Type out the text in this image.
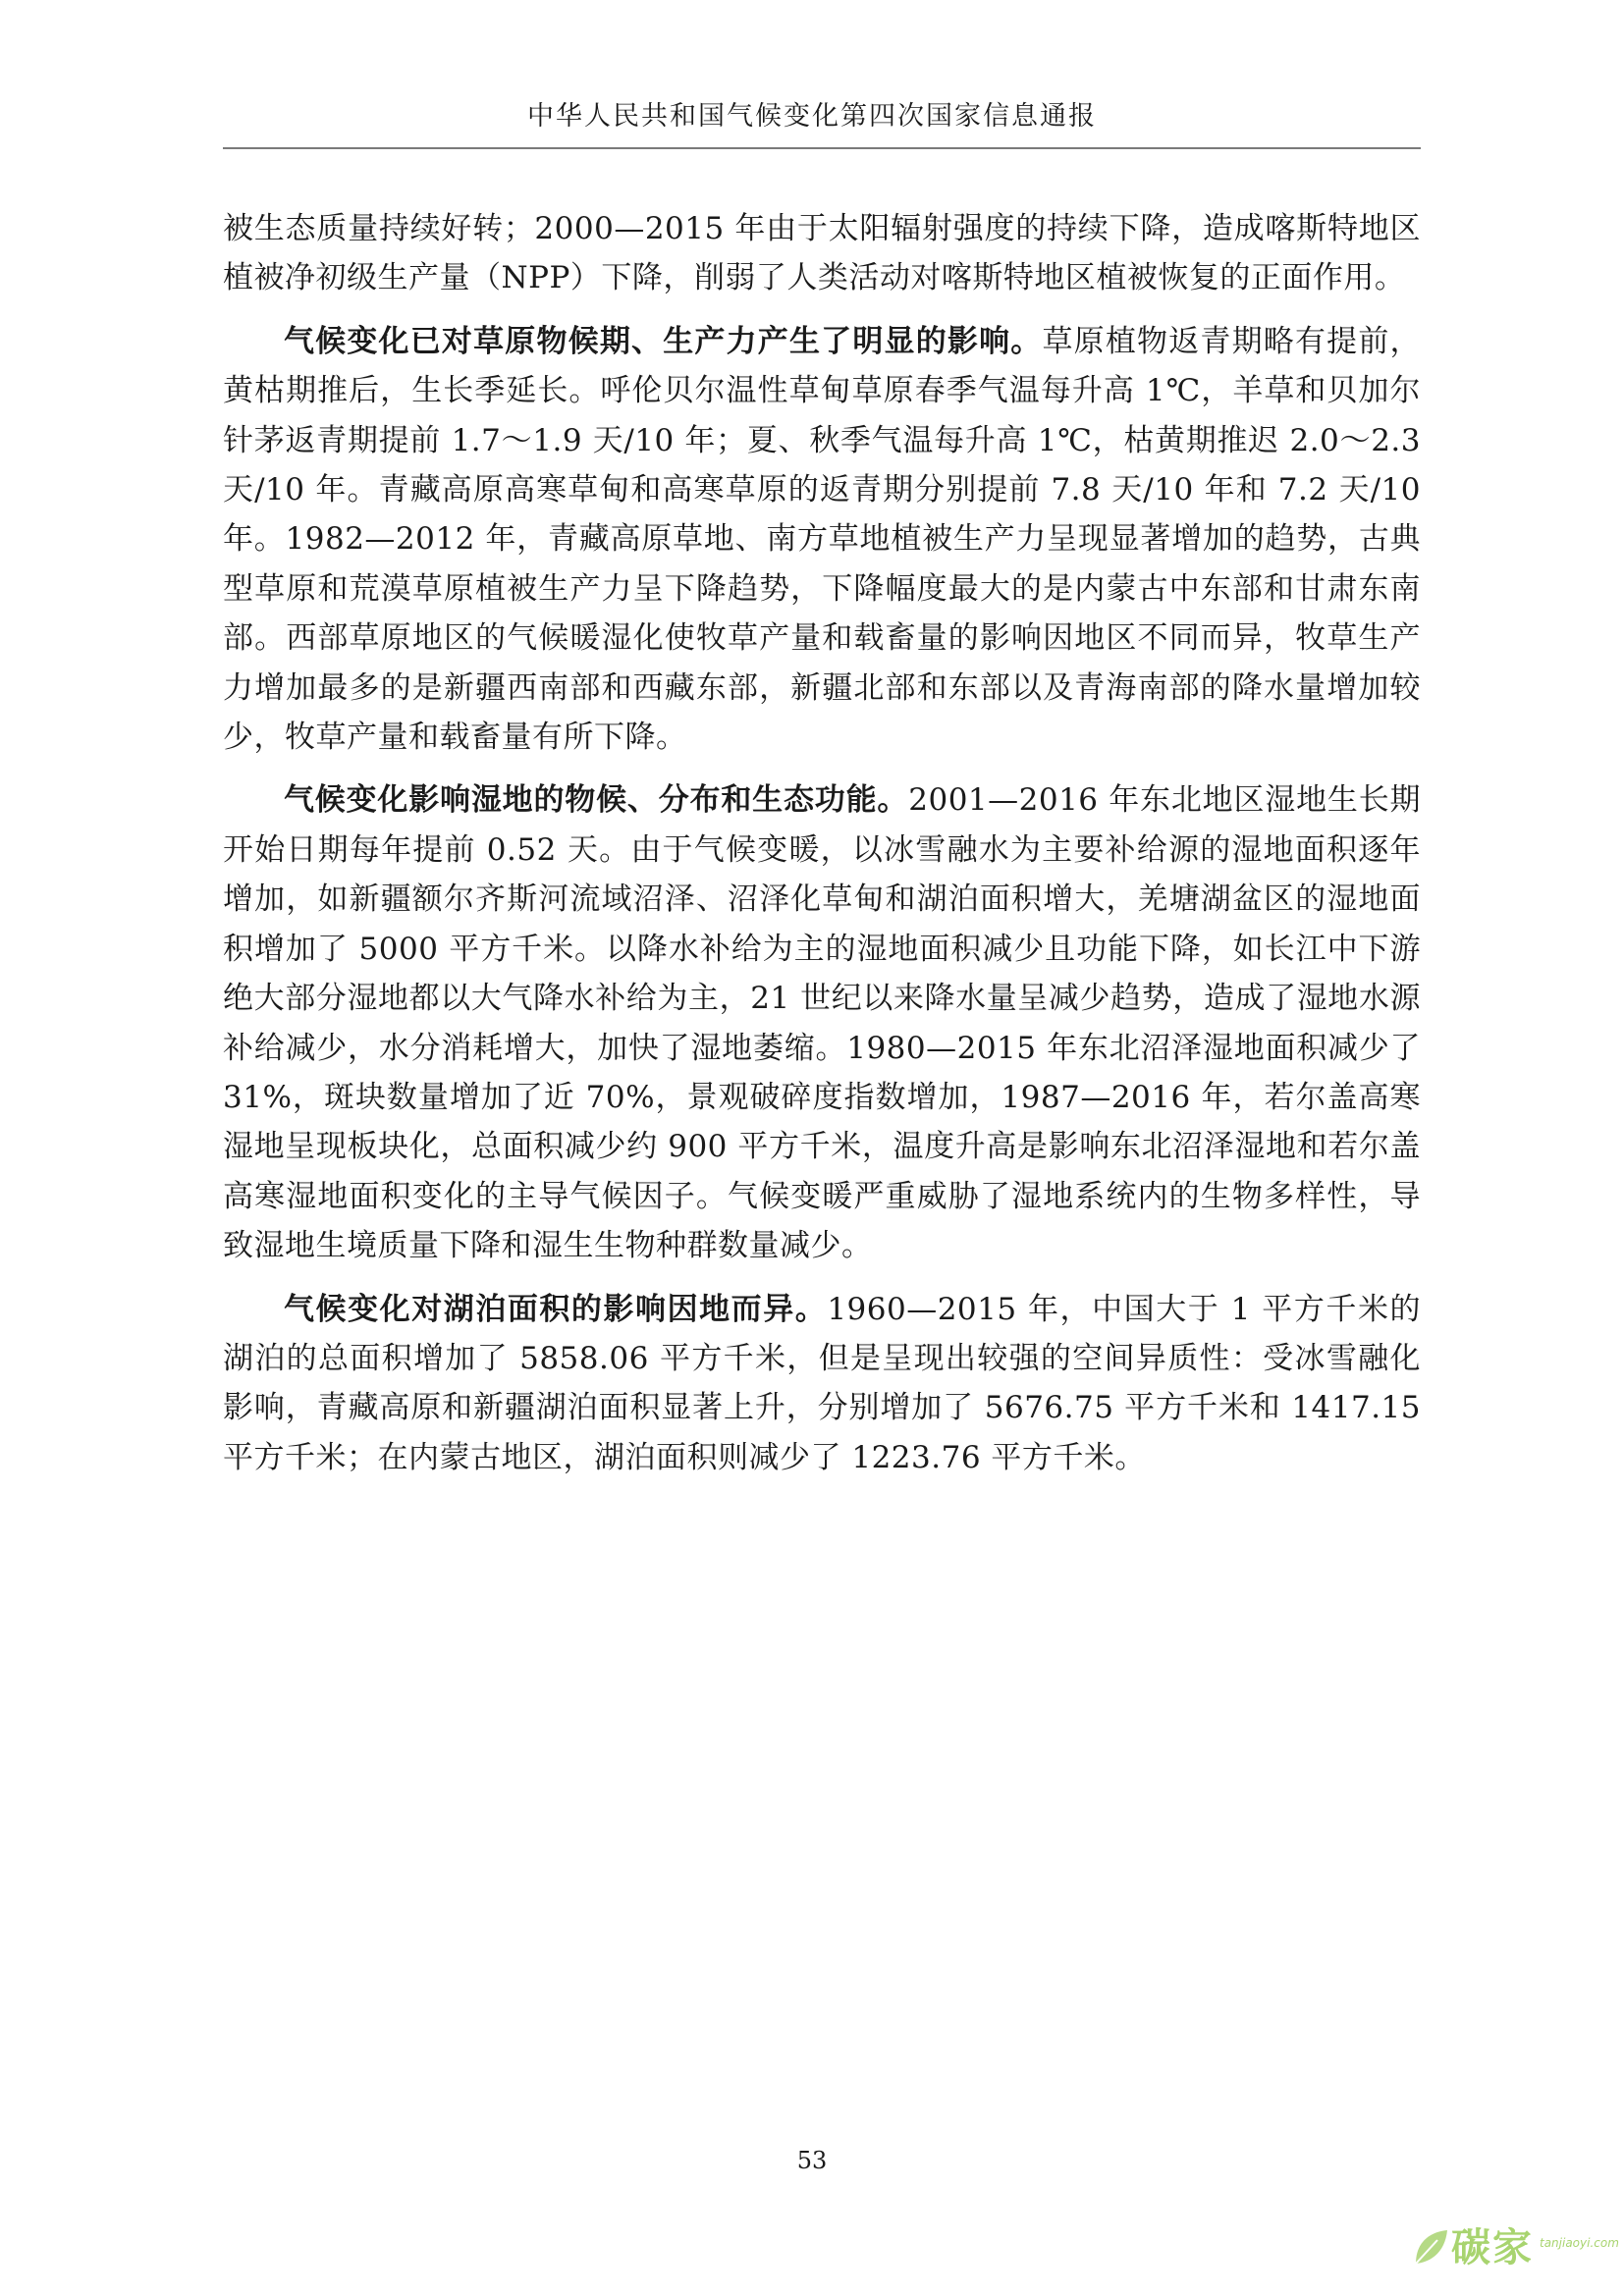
中华人民共和国气候变化第四次国家信息通报

被生态质量持续好转；2000—2015 年由于太阳辐射强度的持续下降，造成喀斯特地区植被净初级生产量（NPP）下降，削弱了人类活动对喀斯特地区植被恢复的正面作用。

气候变化已对草原物候期、生产力产生了明显的影响。草原植物返青期略有提前，黄枯期推后，生长季延长。呼伦贝尔温性草甸草原春季气温每升高 1℃，羊草和贝加尔针茅返青期提前 1.7～1.9 天/10 年；夏、秋季气温每升高 1℃，枯黄期推迟 2.0～2.3 天/10 年。青藏高原高寒草甸和高寒草原的返青期分别提前 7.8 天/10 年和 7.2 天/10 年。1982—2012 年，青藏高原草地、南方草地植被生产力呈现显著增加的趋势，古典型草原和荒漠草原植被生产力呈下降趋势，下降幅度最大的是内蒙古中东部和甘肃东南部。西部草原地区的气候暖湿化使牧草产量和载畜量的影响因地区不同而异，牧草生产力增加最多的是新疆西南部和西藏东部，新疆北部和东部以及青海南部的降水量增加较少，牧草产量和载畜量有所下降。

气候变化影响湿地的物候、分布和生态功能。2001—2016 年东北地区湿地生长期开始日期每年提前 0.52 天。由于气候变暖，以冰雪融水为主要补给源的湿地面积逐年增加，如新疆额尔齐斯河流域沼泽、沼泽化草甸和湖泊面积增大，羌塘湖盆区的湿地面积增加了 5000 平方千米。以降水补给为主的湿地面积减少且功能下降，如长江中下游绝大部分湿地都以大气降水补给为主，21 世纪以来降水量呈减少趋势，造成了湿地水源补给减少，水分消耗增大，加快了湿地萎缩。1980—2015 年东北沼泽湿地面积减少了 31%，斑块数量增加了近 70%，景观破碎度指数增加，1987—2016 年，若尔盖高寒湿地呈现板块化，总面积减少约 900 平方千米，温度升高是影响东北沼泽湿地和若尔盖高寒湿地面积变化的主导气候因子。气候变暖严重威胁了湿地系统内的生物多样性，导致湿地生境质量下降和湿生生物种群数量减少。

气候变化对湖泊面积的影响因地而异。1960—2015 年，中国大于 1 平方千米的湖泊的总面积增加了 5858.06 平方千米，但是呈现出较强的空间异质性：受冰雪融化影响，青藏高原和新疆湖泊面积显著上升，分别增加了 5676.75 平方千米和 1417.15 平方千米；在内蒙古地区，湖泊面积则减少了 1223.76 平方千米。

53
碳家 tanjiaoyi.com
